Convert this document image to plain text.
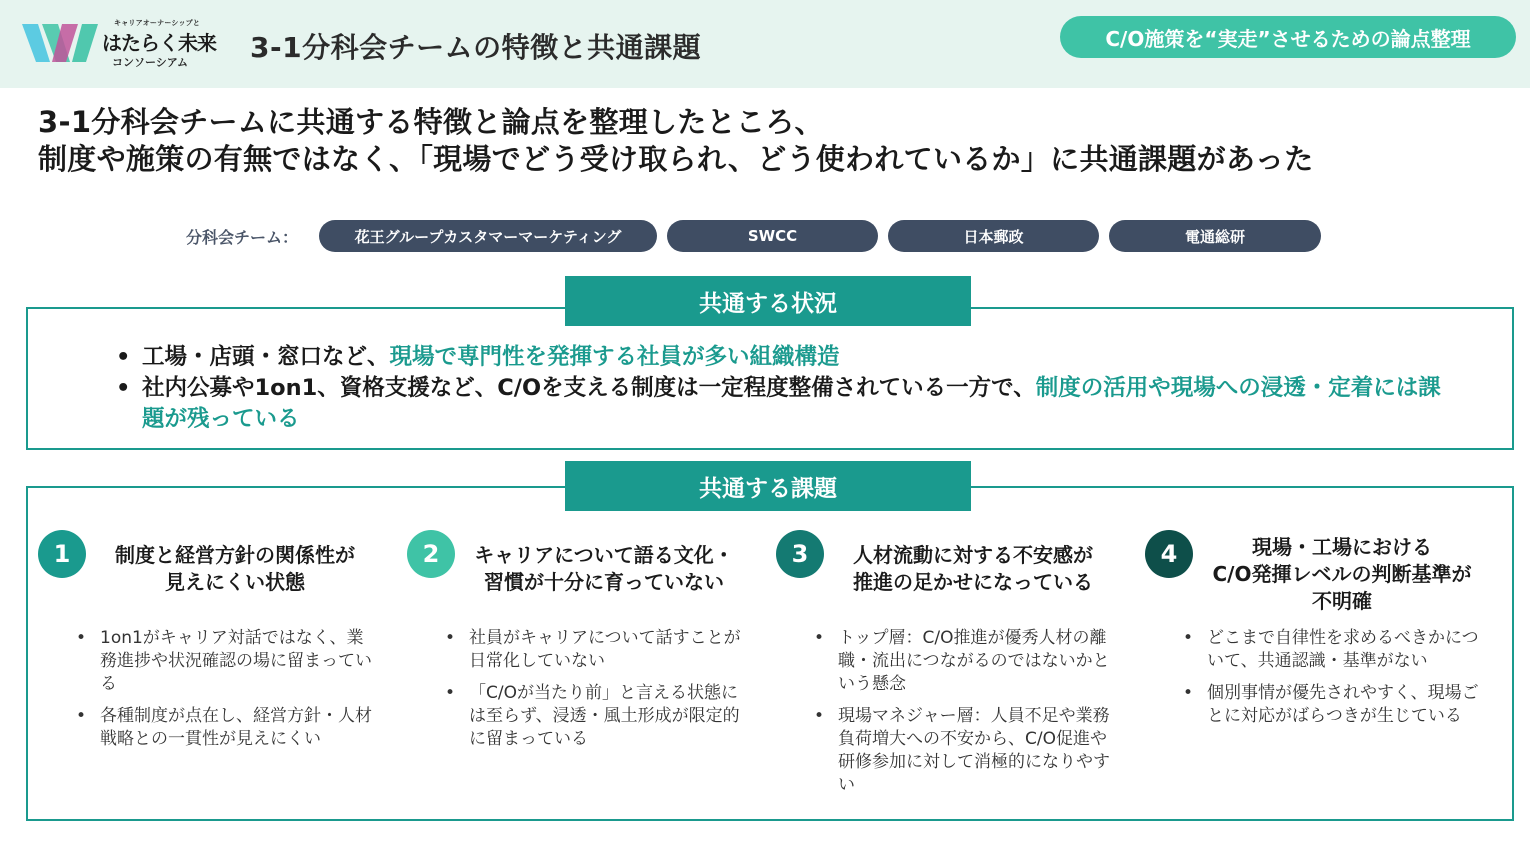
キャリアオーナーシップと
はたらく未来
コンソーシアム 3-1分科会チームの特徴と共通課題	C/O施策を“実走”させるための論点整理
3-1分科会チームに共通する特徴と論点を整理したところ、
制度や施策の有無ではなく、「現場でどう受け取られ、どう使われているか」に共通課題があった
分科会チーム：	花王グループカスタマーマーケティング	SWCC	日本郵政	電通総研
共通する状況
• 工場・店頭・窓口など、現場で専門性を発揮する社員が多い組織構造
• 社内公募や1on1、資格支援など、C/Oを支える制度は一定程度整備されている一方で、制度の活用や現場への浸透・定着には課題が残っている
共通する課題
1	制度と経営方針の関係性が
見えにくい状態
• 1on1がキャリア対話ではなく、業務進捗や状況確認の場に留まっている
• 各種制度が点在し、経営方針・人材戦略との一貫性が見えにくい
2	キャリアについて語る文化・
習慣が十分に育っていない
• 社員がキャリアについて話すことが日常化していない
• 「C/Oが当たり前」と言える状態には至らず、浸透・風土形成が限定的に留まっている
3	人材流動に対する不安感が
推進の足かせになっている
• トップ層：C/O推進が優秀人材の離職・流出につながるのではないかという懸念
• 現場マネジャー層：人員不足や業務負荷増大への不安から、C/O促進や研修参加に対して消極的になりやすい
4	現場・工場における
C/O発揮レベルの判断基準が
不明確
• どこまで自律性を求めるべきかについて、共通認識・基準がない
• 個別事情が優先されやすく、現場ごとに対応がばらつきが生じている
